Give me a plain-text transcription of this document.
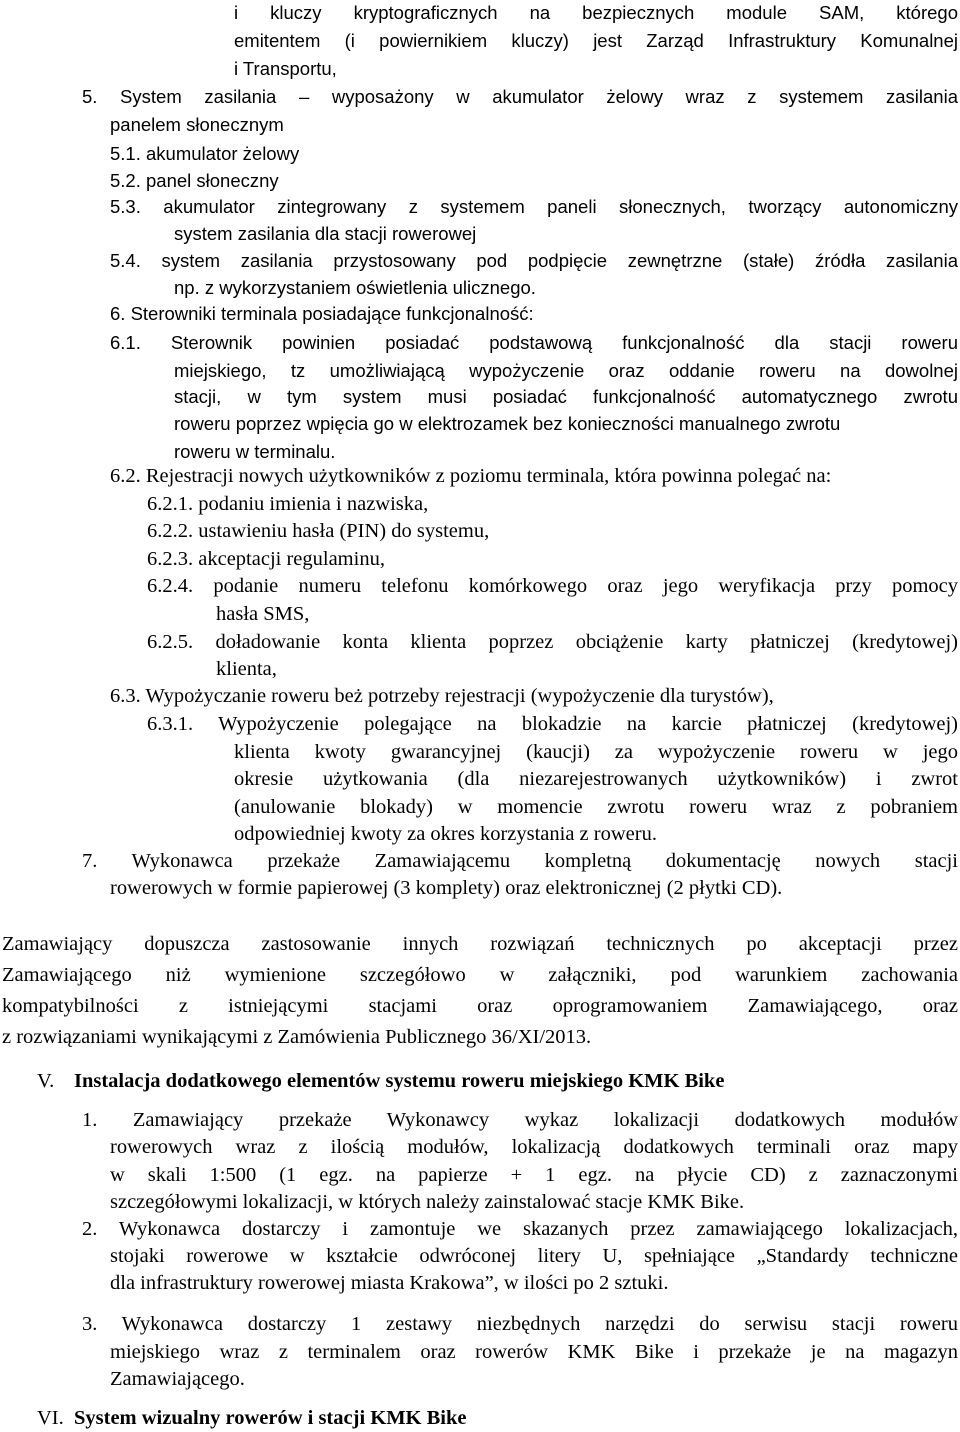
i kluczy kryptograficznych na bezpiecznych module SAM, którego
emitentem (i powiernikiem kluczy) jest Zarząd Infrastruktury Komunalnej
i Transportu,
5. System zasilania – wyposażony w akumulator żelowy wraz z systemem zasilania
panelem słonecznym
5.1. akumulator żelowy
5.2. panel słoneczny
5.3. akumulator zintegrowany z systemem paneli słonecznych, tworzący autonomiczny
system zasilania dla stacji rowerowej
5.4. system zasilania przystosowany pod podpięcie zewnętrzne (stałe) źródła zasilania
np. z wykorzystaniem oświetlenia ulicznego.
6. Sterowniki terminala posiadające funkcjonalność:
6.1. Sterownik powinien posiadać podstawową funkcjonalność dla stacji roweru
miejskiego, tz umożliwiającą wypożyczenie oraz oddanie roweru na dowolnej
stacji, w tym system musi posiadać funkcjonalność automatycznego zwrotu
roweru poprzez wpięcia go w elektrozamek bez konieczności manualnego zwrotu
roweru w terminalu.
6.2. Rejestracji nowych użytkowników z poziomu terminala, która powinna polegać na:
6.2.1. podaniu imienia i nazwiska,
6.2.2. ustawieniu hasła (PIN) do systemu,
6.2.3. akceptacji regulaminu,
6.2.4. podanie numeru telefonu komórkowego oraz jego weryfikacja przy pomocy
hasła SMS,
6.2.5. doładowanie konta klienta poprzez obciążenie karty płatniczej (kredytowej)
klienta,
6.3. Wypożyczanie roweru beż potrzeby rejestracji (wypożyczenie dla turystów),
6.3.1. Wypożyczenie polegające na blokadzie na karcie płatniczej (kredytowej)
klienta kwoty gwarancyjnej (kaucji) za wypożyczenie roweru w jego
okresie użytkowania (dla niezarejestrowanych użytkowników) i zwrot
(anulowanie blokady) w momencie zwrotu roweru wraz z pobraniem
odpowiedniej kwoty za okres korzystania z roweru.
7. Wykonawca przekaże Zamawiającemu kompletną dokumentację nowych stacji
rowerowych w formie papierowej (3 komplety) oraz elektronicznej (2 płytki CD).
Zamawiający dopuszcza zastosowanie innych rozwiązań technicznych po akceptacji przez
Zamawiającego niż wymienione szczegółowo w załączniki, pod warunkiem zachowania
kompatybilności z istniejącymi stacjami oraz oprogramowaniem Zamawiającego, oraz
z rozwiązaniami wynikającymi z Zamówienia Publicznego 36/XI/2013.
V. Instalacja dodatkowego elementów systemu roweru miejskiego KMK Bike
1. Zamawiający przekaże Wykonawcy wykaz lokalizacji dodatkowych modułów
rowerowych wraz z ilością modułów, lokalizacją dodatkowych terminali oraz mapy
w skali 1:500 (1 egz. na papierze + 1 egz. na płycie CD) z zaznaczonymi
szczegółowymi lokalizacji, w których należy zainstalować stacje KMK Bike.
2. Wykonawca dostarczy i zamontuje we skazanych przez zamawiającego lokalizacjach,
stojaki rowerowe w kształcie odwróconej litery U, spełniające „Standardy techniczne
dla infrastruktury rowerowej miasta Krakowa”, w ilości po 2 sztuki.
3. Wykonawca dostarczy 1 zestawy niezbędnych narzędzi do serwisu stacji roweru
miejskiego wraz z terminalem oraz rowerów KMK Bike i przekaże je na magazyn
Zamawiającego.
VI. System wizualny rowerów i stacji KMK Bike
